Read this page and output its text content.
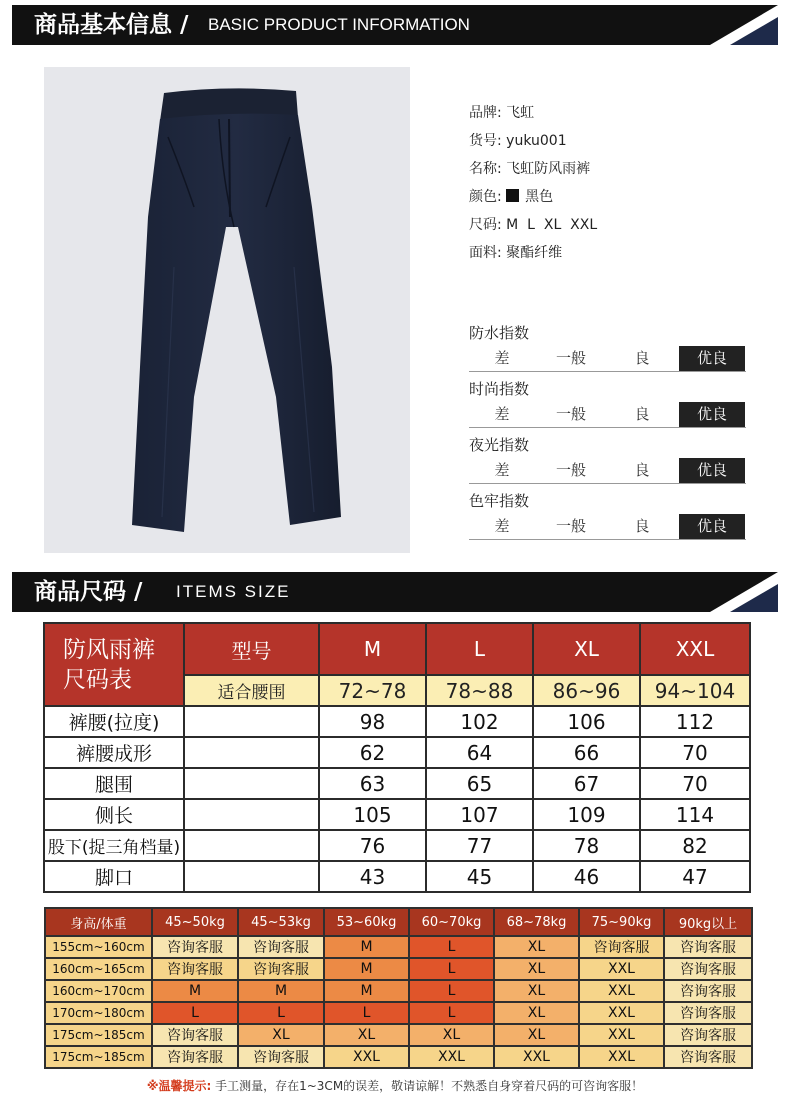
商品基本信息 / BASIC PRODUCT INFORMATION
品牌: 飞虹
货号: yuku001
名称: 飞虹防风雨裤
颜色: 黑色
尺码: M  L  XL  XXL
面料: 聚酯纤维
防水指数
差	一般	良	优良
时尚指数
差	一般	良	优良
夜光指数
差	一般	良	优良
色牢指数
差	一般	良	优良
商品尺码 / ITEMS SIZE
防风雨裤
尺码表	型号	M	L	XL	XXL
	适合腰围	72~78	78~88	86~96	94~104
裤腰(拉度)		98	102	106	112
裤腰成形		62	64	66	70
腿围		63	65	67	70
侧长		105	107	109	114
股下(捉三角档量)		76	77	78	82
脚口		43	45	46	47
身高/体重	45~50kg	45~53kg	53~60kg	60~70kg	68~78kg	75~90kg	90kg以上
155cm~160cm	咨询客服	咨询客服	M	L	XL	咨询客服	咨询客服
160cm~165cm	咨询客服	咨询客服	M	L	XL	XXL	咨询客服
160cm~170cm	M	M	M	L	XL	XXL	咨询客服
170cm~180cm	L	L	L	L	XL	XXL	咨询客服
175cm~185cm	咨询客服	XL	XL	XL	XL	XXL	咨询客服
175cm~185cm	咨询客服	咨询客服	XXL	XXL	XXL	XXL	咨询客服
※温馨提示: 手工测量，存在1~3CM的误差，敬请谅解！不熟悉自身穿着尺码的可咨询客服！
